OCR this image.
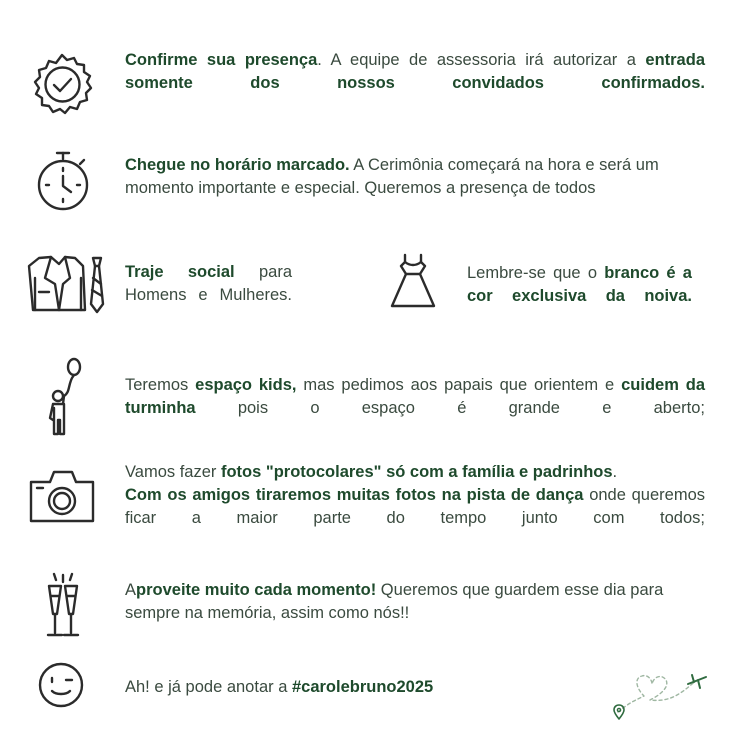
Confirme sua presença. A equipe de assessoria irá autorizar a entrada somente dos nossos convidados confirmados.
Chegue no horário marcado. A Cerimônia começará na hora e será um momento importante e especial. Queremos a presença de todos
Traje social para Homens e Mulheres.
Lembre-se que o branco é a cor exclusiva da noiva.
Teremos espaço kids, mas pedimos aos papais que orientem e cuidem da turminha pois o espaço é grande e aberto;
Vamos fazer fotos "protocolares" só com a família e padrinhos.
Com os amigos tiraremos muitas fotos na pista de dança onde queremos ficar a maior parte do tempo junto com todos;
Aproveite muito cada momento! Queremos que guardem esse dia para sempre na memória, assim como nós!!
Ah! e já pode anotar a #carolebruno2025
